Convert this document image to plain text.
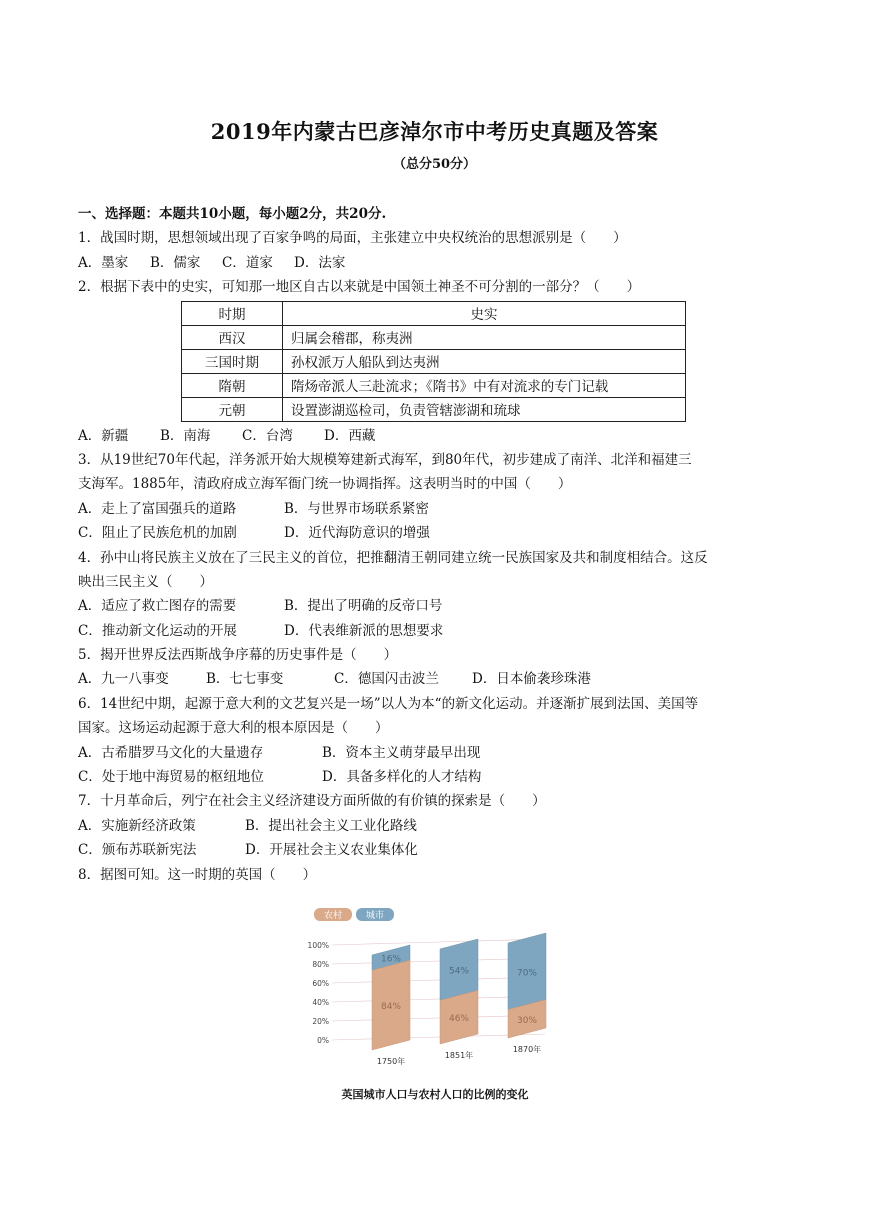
2019年内蒙古巴彦淖尔市中考历史真题及答案
（总分50分）
一、选择题：本题共10小题，每小题2分，共20分.
1．战国时期，思想领域出现了百家争鸣的局面，主张建立中央权统治的思想派别是（　　）
A．墨家 B．儒家 C．道家 D．法家
2．根据下表中的史实，可知那一地区自古以来就是中国领土神圣不可分割的一部分？（　　）
时期	史实
西汉	归属会稽郡，称夷洲
三国时期	孙权派万人船队到达夷洲
隋朝	隋炀帝派人三赴流求；《隋书》中有对流求的专门记载
元朝	设置澎湖巡检司，负责管辖澎湖和琉球
A．新疆 B．南海 C．台湾 D．西藏
3．从19世纪70年代起，洋务派开始大规模筹建新式海军，到80年代，初步建成了南洋、北洋和福建三
支海军。1885年，清政府成立海军衙门统一协调指挥。这表明当时的中国（　　）
A．走上了富国强兵的道路	B．与世界市场联系紧密
C．阻止了民族危机的加剧	D．近代海防意识的增强
4．孙中山将民族主义放在了三民主义的首位，把推翻清王朝同建立统一民族国家及共和制度相结合。这反
映出三民主义（　　）
A．适应了救亡图存的需要	B．提出了明确的反帝口号
C．推动新文化运动的开展	D．代表维新派的思想要求
5．揭开世界反法西斯战争序幕的历史事件是（　　）
A．九一八事变	B．七七事变	C．德国闪击波兰 D．日本偷袭珍珠港
6．14世纪中期，起源于意大利的文艺复兴是一场”以人为本“的新文化运动。并逐渐扩展到法国、美国等
国家。这场运动起源于意大利的根本原因是（　　）
A．古希腊罗马文化的大量遗存	B．资本主义萌芽最早出现
C．处于地中海贸易的枢纽地位	D．具备多样化的人才结构
7．十月革命后，列宁在社会主义经济建设方面所做的有价镇的探索是（　　）
A．实施新经济政策	B．提出社会主义工业化路线
C．颁布苏联新宪法	D．开展社会主义农业集体化
8．据图可知。这一时期的英国（　　）
农村	城市
100%
80%
60%
40%
20%
0%
16%
84%
1750年
54%
46%
1851年
70%
30%
1870年
英国城市人口与农村人口的比例的变化
